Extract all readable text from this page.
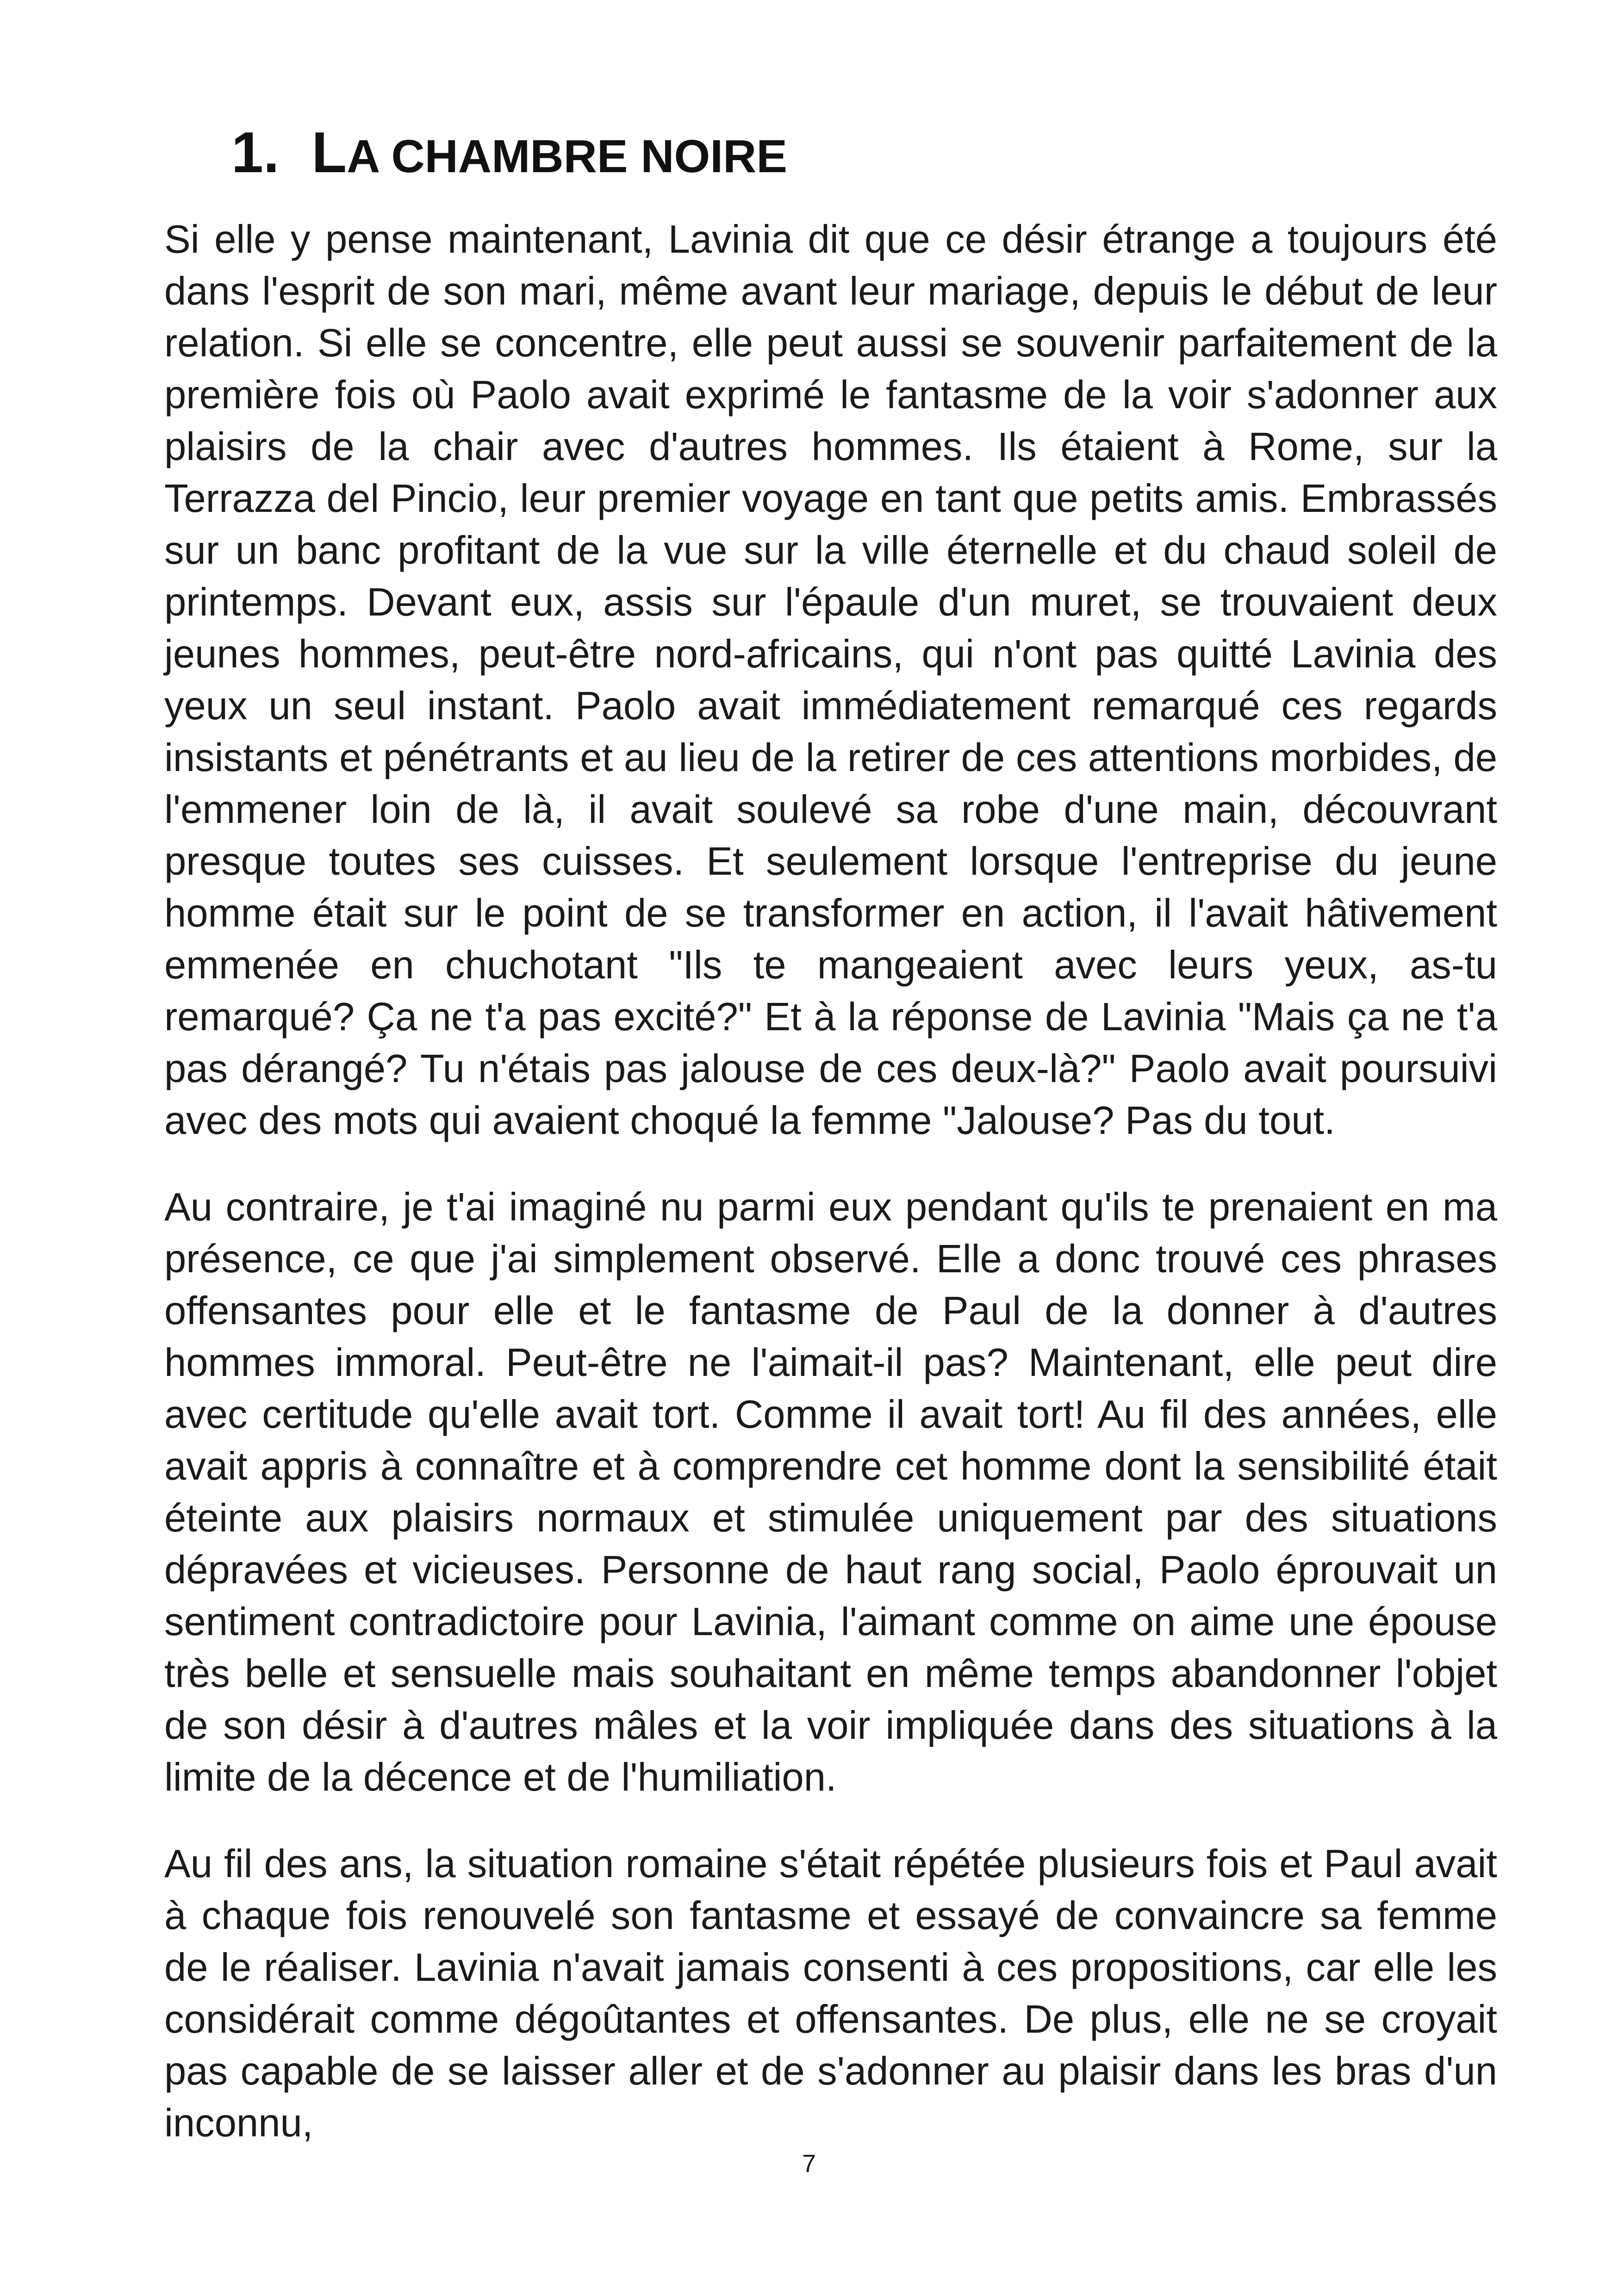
1. LA CHAMBRE NOIRE

Si elle y pense maintenant, Lavinia dit que ce désir étrange a toujours été dans l'esprit de son mari, même avant leur mariage, depuis le début de leur relation. Si elle se concentre, elle peut aussi se souvenir parfaitement de la première fois où Paolo avait exprimé le fantasme de la voir s'adonner aux plaisirs de la chair avec d'autres hommes. Ils étaient à Rome, sur la Terrazza del Pincio, leur premier voyage en tant que petits amis. Embrassés sur un banc profitant de la vue sur la ville éternelle et du chaud soleil de printemps. Devant eux, assis sur l'épaule d'un muret, se trouvaient deux jeunes hommes, peut-être nord-africains, qui n'ont pas quitté Lavinia des yeux un seul instant. Paolo avait immédiatement remarqué ces regards insistants et pénétrants et au lieu de la retirer de ces attentions morbides, de l'emmener loin de là, il avait soulevé sa robe d'une main, découvrant presque toutes ses cuisses. Et seulement lorsque l'entreprise du jeune homme était sur le point de se transformer en action, il l'avait hâtivement emmenée en chuchotant "Ils te mangeaient avec leurs yeux, as-tu remarqué? Ça ne t'a pas excité?" Et à la réponse de Lavinia "Mais ça ne t'a pas dérangé? Tu n'étais pas jalouse de ces deux-là?" Paolo avait poursuivi avec des mots qui avaient choqué la femme "Jalouse? Pas du tout.

Au contraire, je t'ai imaginé nu parmi eux pendant qu'ils te prenaient en ma présence, ce que j'ai simplement observé. Elle a donc trouvé ces phrases offensantes pour elle et le fantasme de Paul de la donner à d'autres hommes immoral. Peut-être ne l'aimait-il pas? Maintenant, elle peut dire avec certitude qu'elle avait tort. Comme il avait tort! Au fil des années, elle avait appris à connaître et à comprendre cet homme dont la sensibilité était éteinte aux plaisirs normaux et stimulée uniquement par des situations dépravées et vicieuses. Personne de haut rang social, Paolo éprouvait un sentiment contradictoire pour Lavinia, l'aimant comme on aime une épouse très belle et sensuelle mais souhaitant en même temps abandonner l'objet de son désir à d'autres mâles et la voir impliquée dans des situations à la limite de la décence et de l'humiliation.

Au fil des ans, la situation romaine s'était répétée plusieurs fois et Paul avait à chaque fois renouvelé son fantasme et essayé de convaincre sa femme de le réaliser. Lavinia n'avait jamais consenti à ces propositions, car elle les considérait comme dégoûtantes et offensantes. De plus, elle ne se croyait pas capable de se laisser aller et de s'adonner au plaisir dans les bras d'un inconnu,

7
